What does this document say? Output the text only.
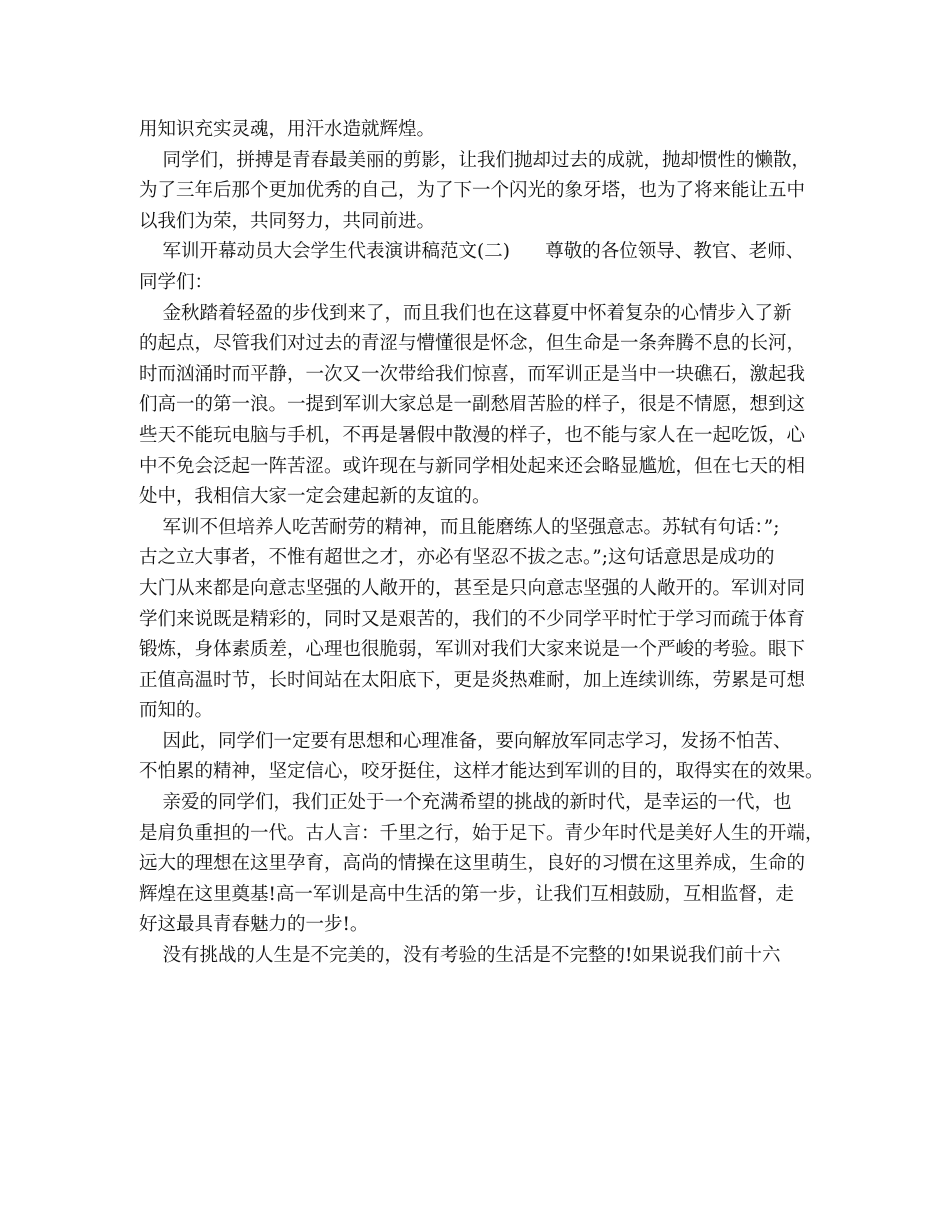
用知识充实灵魂，用汗水造就辉煌。
同学们，拼搏是青春最美丽的剪影，让我们抛却过去的成就，抛却惯性的懒散，
为了三年后那个更加优秀的自己，为了下一个闪光的象牙塔，也为了将来能让五中
以我们为荣，共同努力，共同前进。
军训开幕动员大会学生代表演讲稿范文(二)      尊敬的各位领导、教官、老师、
同学们：
金秋踏着轻盈的步伐到来了，而且我们也在这暮夏中怀着复杂的心情步入了新
的起点，尽管我们对过去的青涩与懵懂很是怀念，但生命是一条奔腾不息的长河，
时而汹涌时而平静，一次又一次带给我们惊喜，而军训正是当中一块礁石，激起我
们高一的第一浪。一提到军训大家总是一副愁眉苦脸的样子，很是不情愿，想到这
些天不能玩电脑与手机，不再是暑假中散漫的样子，也不能与家人在一起吃饭，心
中不免会泛起一阵苦涩。或许现在与新同学相处起来还会略显尴尬，但在七天的相
处中，我相信大家一定会建起新的友谊的。
军训不但培养人吃苦耐劳的精神，而且能磨练人的坚强意志。苏轼有句话：”;
古之立大事者，不惟有超世之才，亦必有坚忍不拔之志。”;这句话意思是成功的
大门从来都是向意志坚强的人敞开的，甚至是只向意志坚强的人敞开的。军训对同
学们来说既是精彩的，同时又是艰苦的，我们的不少同学平时忙于学习而疏于体育
锻炼，身体素质差，心理也很脆弱，军训对我们大家来说是一个严峻的考验。眼下
正值高温时节，长时间站在太阳底下，更是炎热难耐，加上连续训练，劳累是可想
而知的。
因此，同学们一定要有思想和心理准备，要向解放军同志学习，发扬不怕苦、
不怕累的精神，坚定信心，咬牙挺住，这样才能达到军训的目的，取得实在的效果。
亲爱的同学们，我们正处于一个充满希望的挑战的新时代，是幸运的一代，也
是肩负重担的一代。古人言：千里之行，始于足下。青少年时代是美好人生的开端，
远大的理想在这里孕育，高尚的情操在这里萌生，良好的习惯在这里养成，生命的
辉煌在这里奠基!高一军训是高中生活的第一步，让我们互相鼓励，互相监督，走
好这最具青春魅力的一步!。
没有挑战的人生是不完美的，没有考验的生活是不完整的!如果说我们前十六
